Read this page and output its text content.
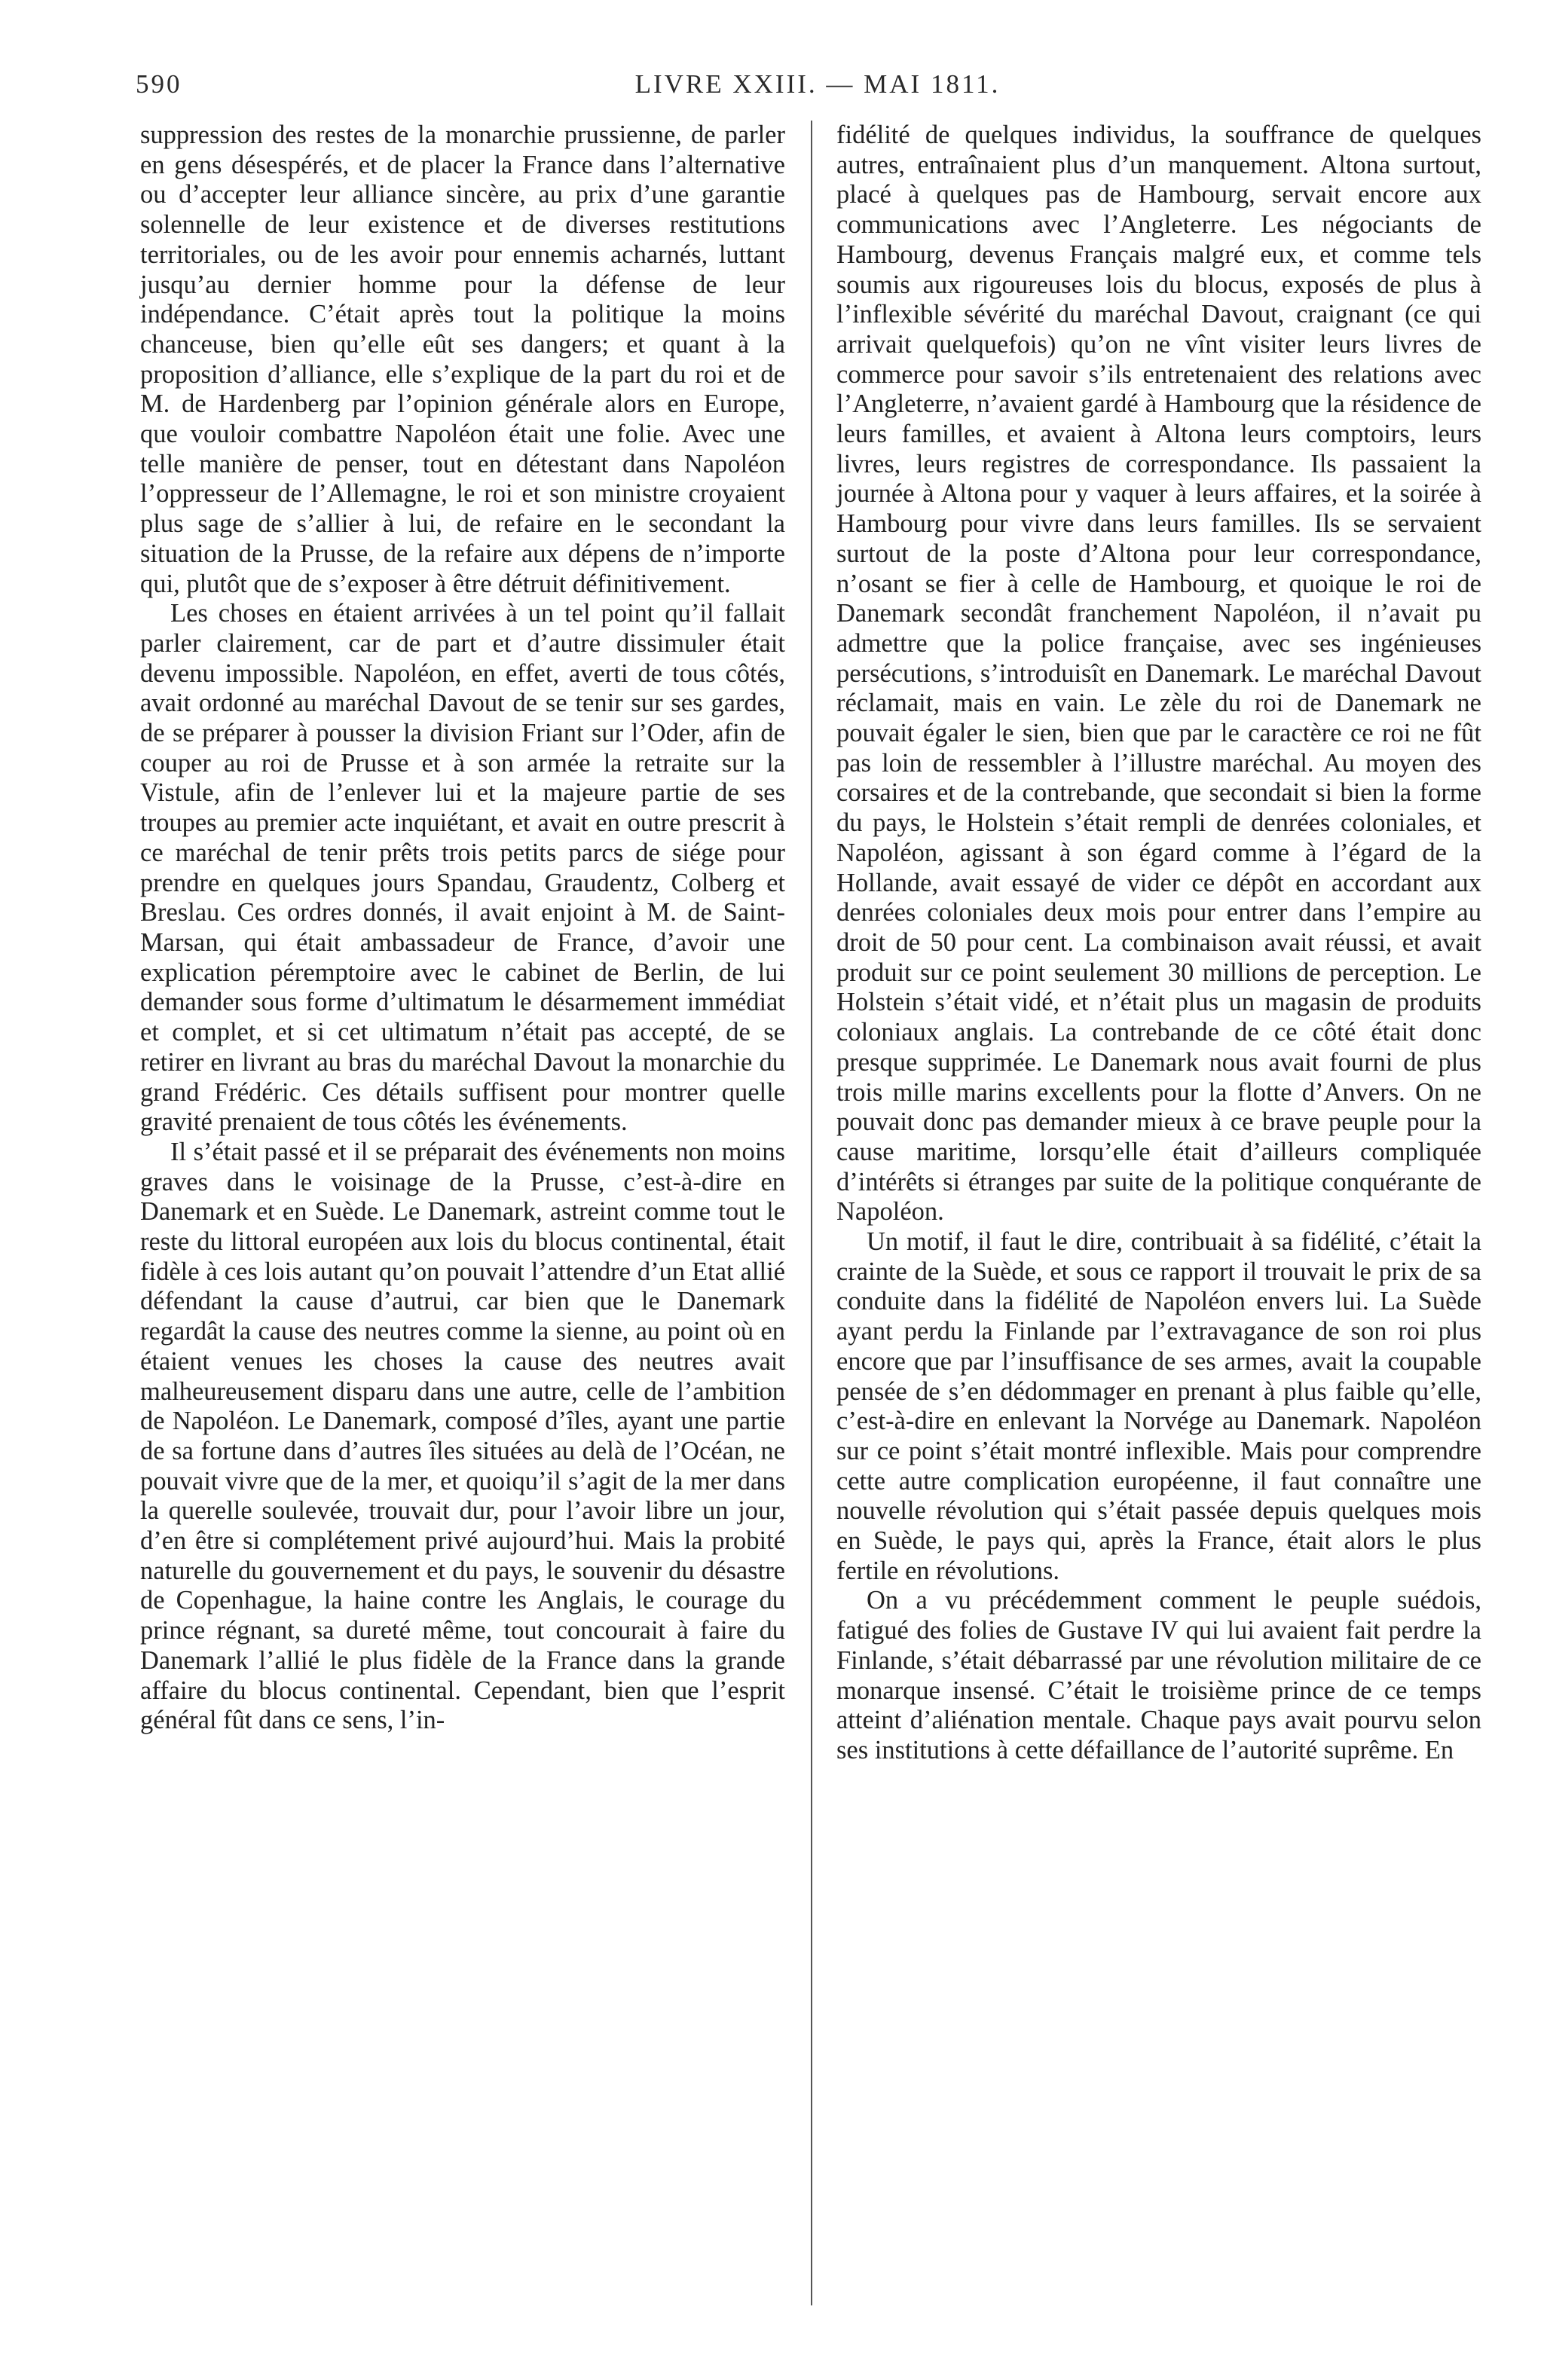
590	LIVRE XXIII. — MAI 1811.

suppression des restes de la monarchie prussienne, de parler en gens désespérés, et de placer la France dans l’alternative ou d’accepter leur alliance sincère, au prix d’une garantie solennelle de leur existence et de diverses restitutions territoriales, ou de les avoir pour ennemis acharnés, luttant jusqu’au dernier homme pour la défense de leur indépendance. C’était après tout la politique la moins chanceuse, bien qu’elle eût ses dangers; et quant à la proposition d’alliance, elle s’explique de la part du roi et de M. de Hardenberg par l’opinion générale alors en Europe, que vouloir combattre Napoléon était une folie. Avec une telle manière de penser, tout en détestant dans Napoléon l’oppresseur de l’Allemagne, le roi et son ministre croyaient plus sage de s’allier à lui, de refaire en le secondant la situation de la Prusse, de la refaire aux dépens de n’importe qui, plutôt que de s’exposer à être détruit définitivement.

Les choses en étaient arrivées à un tel point qu’il fallait parler clairement, car de part et d’autre dissimuler était devenu impossible. Napoléon, en effet, averti de tous côtés, avait ordonné au maréchal Davout de se tenir sur ses gardes, de se préparer à pousser la division Friant sur l’Oder, afin de couper au roi de Prusse et à son armée la retraite sur la Vistule, afin de l’enlever lui et la majeure partie de ses troupes au premier acte inquiétant, et avait en outre prescrit à ce maréchal de tenir prêts trois petits parcs de siége pour prendre en quelques jours Spandau, Graudentz, Colberg et Breslau. Ces ordres donnés, il avait enjoint à M. de Saint-Marsan, qui était ambassadeur de France, d’avoir une explication péremptoire avec le cabinet de Berlin, de lui demander sous forme d’ultimatum le désarmement immédiat et complet, et si cet ultimatum n’était pas accepté, de se retirer en livrant au bras du maréchal Davout la monarchie du grand Frédéric. Ces détails suffisent pour montrer quelle gravité prenaient de tous côtés les événements.

Il s’était passé et il se préparait des événements non moins graves dans le voisinage de la Prusse, c’est-à-dire en Danemark et en Suède. Le Danemark, astreint comme tout le reste du littoral européen aux lois du blocus continental, était fidèle à ces lois autant qu’on pouvait l’attendre d’un Etat allié défendant la cause d’autrui, car bien que le Danemark regardât la cause des neutres comme la sienne, au point où en étaient venues les choses la cause des neutres avait malheureusement disparu dans une autre, celle de l’ambition de Napoléon. Le Danemark, composé d’îles, ayant une partie de sa fortune dans d’autres îles situées au delà de l’Océan, ne pouvait vivre que de la mer, et quoiqu’il s’agit de la mer dans la querelle soulevée, trouvait dur, pour l’avoir libre un jour, d’en être si complétement privé aujourd’hui. Mais la probité naturelle du gouvernement et du pays, le souvenir du désastre de Copenhague, la haine contre les Anglais, le courage du prince régnant, sa dureté même, tout concourait à faire du Danemark l’allié le plus fidèle de la France dans la grande affaire du blocus continental. Cependant, bien que l’esprit général fût dans ce sens, l’in-

fidélité de quelques individus, la souffrance de quelques autres, entraînaient plus d’un manquement. Altona surtout, placé à quelques pas de Hambourg, servait encore aux communications avec l’Angleterre. Les négociants de Hambourg, devenus Français malgré eux, et comme tels soumis aux rigoureuses lois du blocus, exposés de plus à l’inflexible sévérité du maréchal Davout, craignant (ce qui arrivait quelquefois) qu’on ne vînt visiter leurs livres de commerce pour savoir s’ils entretenaient des relations avec l’Angleterre, n’avaient gardé à Hambourg que la résidence de leurs familles, et avaient à Altona leurs comptoirs, leurs livres, leurs registres de correspondance. Ils passaient la journée à Altona pour y vaquer à leurs affaires, et la soirée à Hambourg pour vivre dans leurs familles. Ils se servaient surtout de la poste d’Altona pour leur correspondance, n’osant se fier à celle de Hambourg, et quoique le roi de Danemark secondât franchement Napoléon, il n’avait pu admettre que la police française, avec ses ingénieuses persécutions, s’introduisît en Danemark. Le maréchal Davout réclamait, mais en vain. Le zèle du roi de Danemark ne pouvait égaler le sien, bien que par le caractère ce roi ne fût pas loin de ressembler à l’illustre maréchal. Au moyen des corsaires et de la contrebande, que secondait si bien la forme du pays, le Holstein s’était rempli de denrées coloniales, et Napoléon, agissant à son égard comme à l’égard de la Hollande, avait essayé de vider ce dépôt en accordant aux denrées coloniales deux mois pour entrer dans l’empire au droit de 50 pour cent. La combinaison avait réussi, et avait produit sur ce point seulement 30 millions de perception. Le Holstein s’était vidé, et n’était plus un magasin de produits coloniaux anglais. La contrebande de ce côté était donc presque supprimée. Le Danemark nous avait fourni de plus trois mille marins excellents pour la flotte d’Anvers. On ne pouvait donc pas demander mieux à ce brave peuple pour la cause maritime, lorsqu’elle était d’ailleurs compliquée d’intérêts si étranges par suite de la politique conquérante de Napoléon.

Un motif, il faut le dire, contribuait à sa fidélité, c’était la crainte de la Suède, et sous ce rapport il trouvait le prix de sa conduite dans la fidélité de Napoléon envers lui. La Suède ayant perdu la Finlande par l’extravagance de son roi plus encore que par l’insuffisance de ses armes, avait la coupable pensée de s’en dédommager en prenant à plus faible qu’elle, c’est-à-dire en enlevant la Norvége au Danemark. Napoléon sur ce point s’était montré inflexible. Mais pour comprendre cette autre complication européenne, il faut connaître une nouvelle révolution qui s’était passée depuis quelques mois en Suède, le pays qui, après la France, était alors le plus fertile en révolutions.

On a vu précédemment comment le peuple suédois, fatigué des folies de Gustave IV qui lui avaient fait perdre la Finlande, s’était débarrassé par une révolution militaire de ce monarque insensé. C’était le troisième prince de ce temps atteint d’aliénation mentale. Chaque pays avait pourvu selon ses institutions à cette défaillance de l’autorité suprême. En
